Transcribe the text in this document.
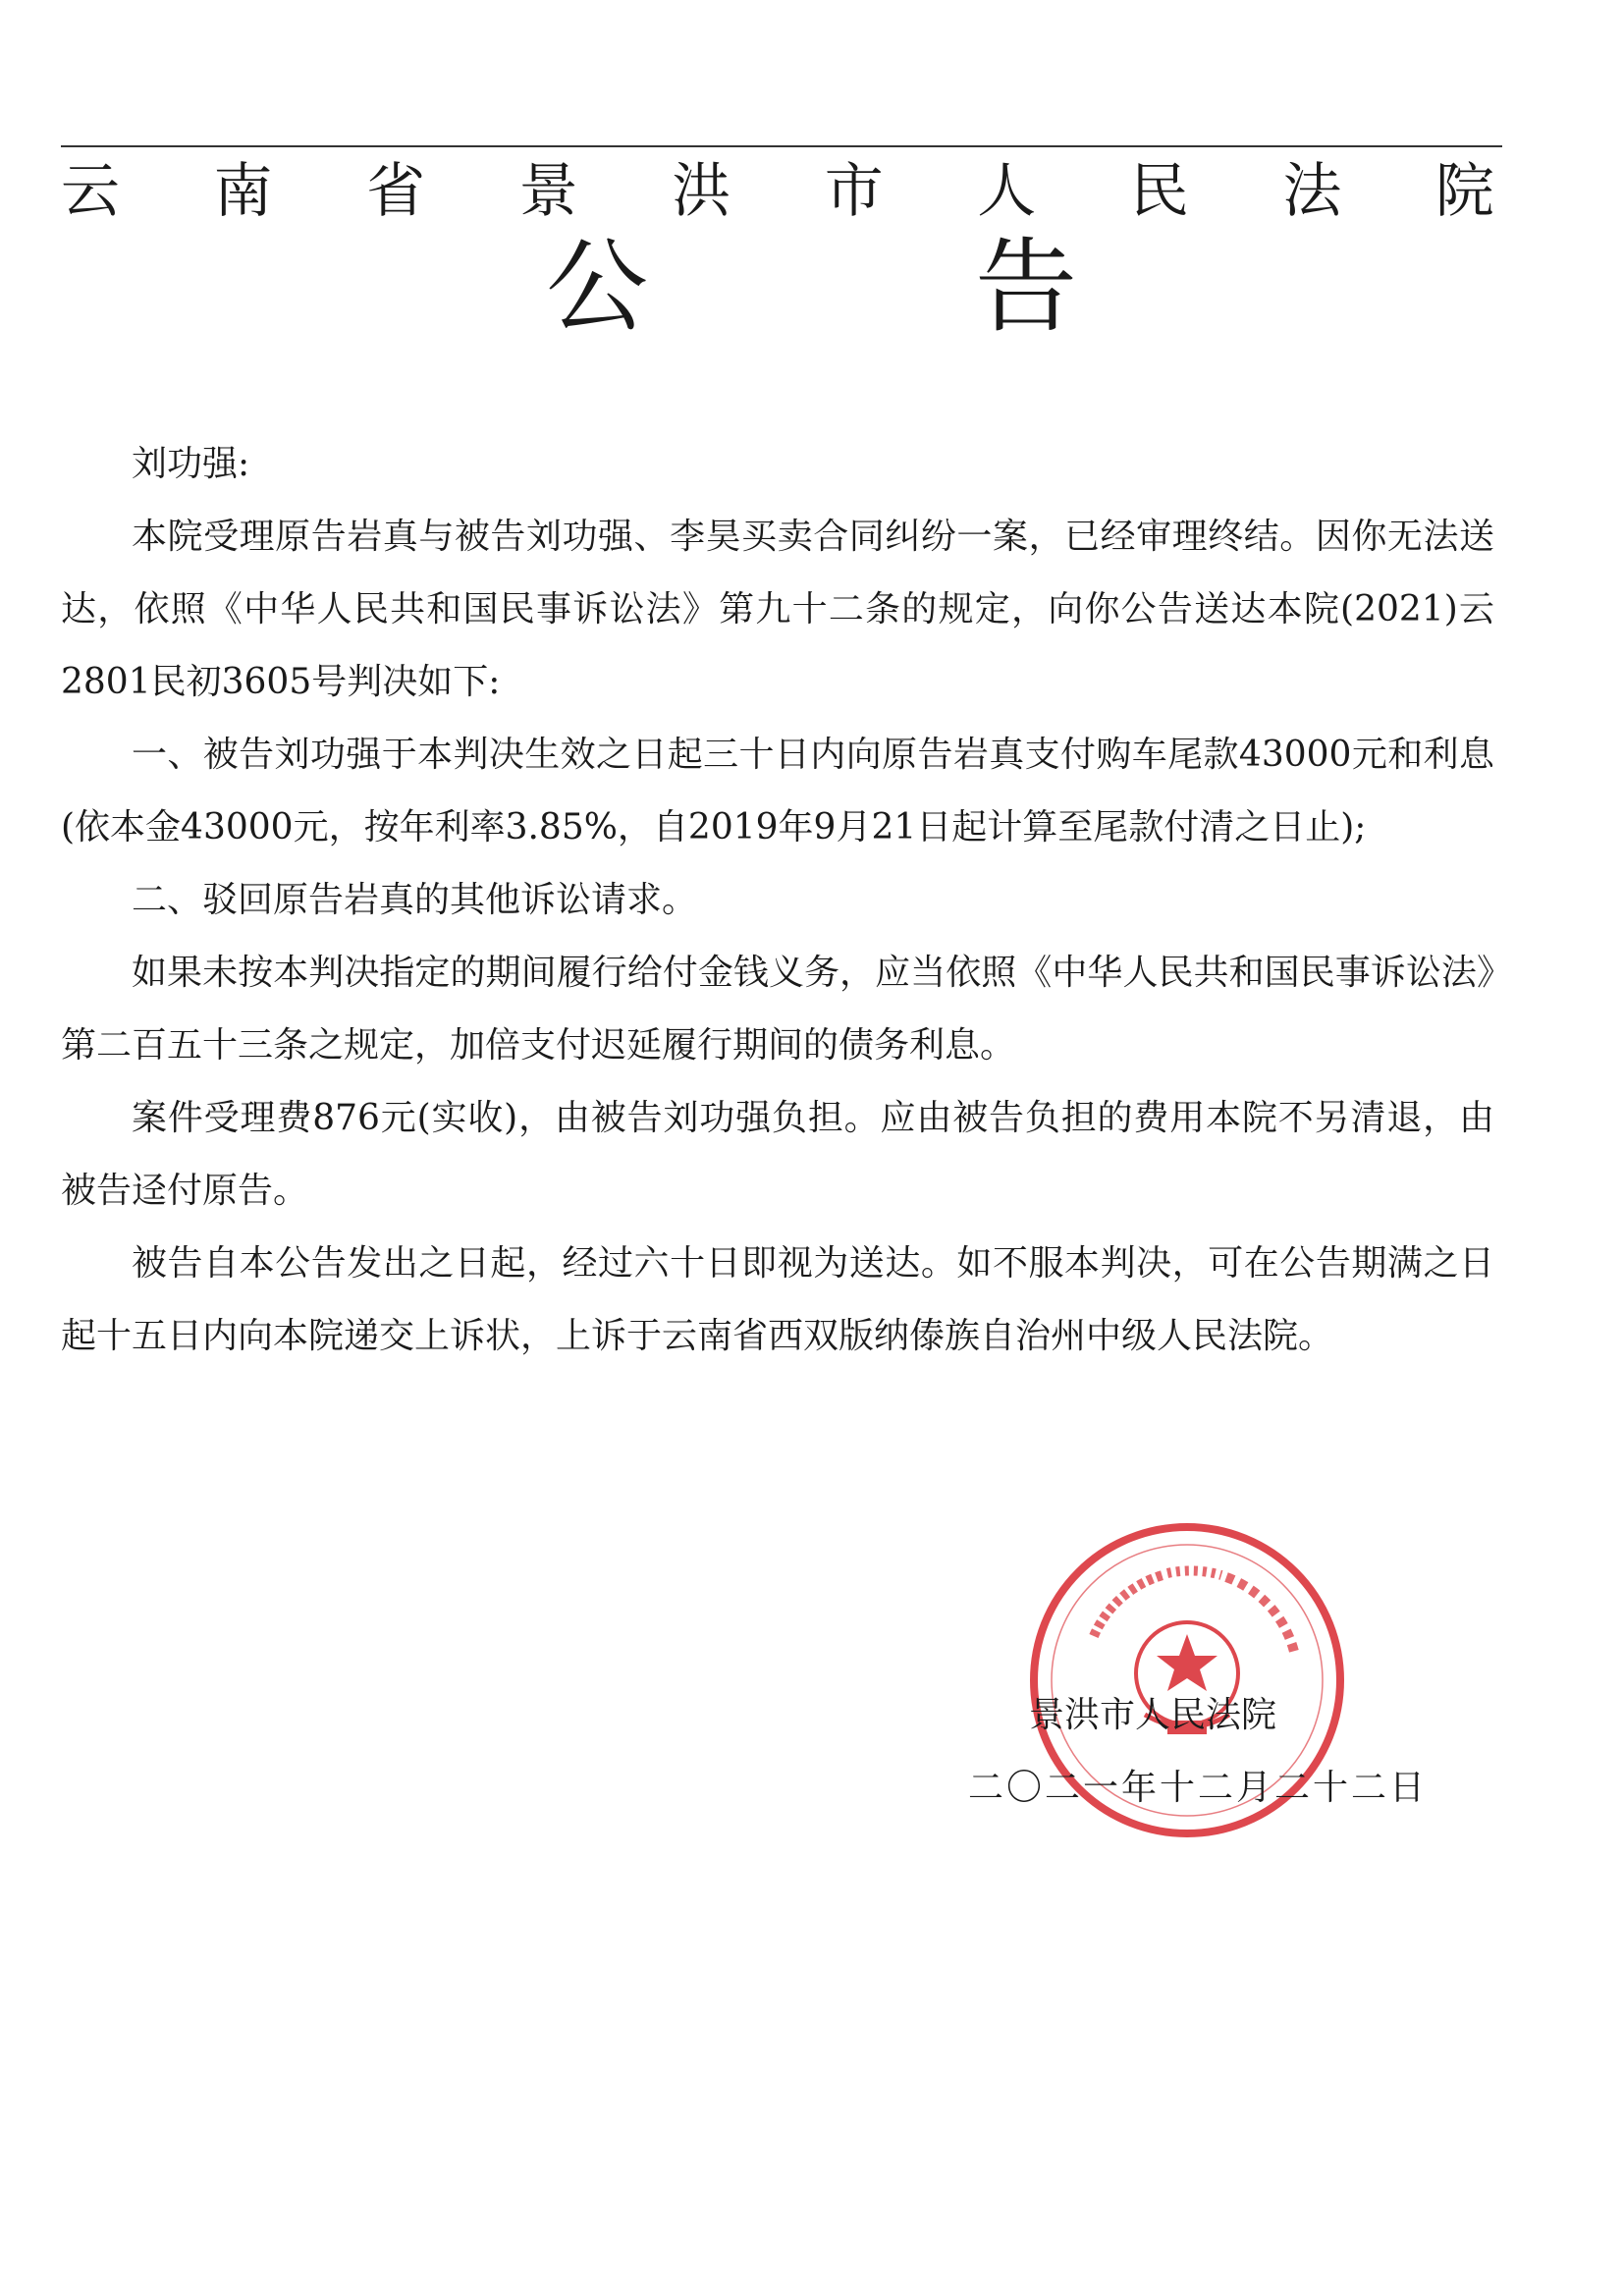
云 南 省 景 洪 市 人 民 法 院
公 告

刘功强:

本院受理原告岩真与被告刘功强、李昊买卖合同纠纷一案，已经审理终结。因你无法送达，依照《中华人民共和国民事诉讼法》第九十二条的规定，向你公告送达本院(2021)云2801民初3605号判决如下:

一、被告刘功强于本判决生效之日起三十日内向原告岩真支付购车尾款43000元和利息(依本金43000元，按年利率3.85%，自2019年9月21日起计算至尾款付清之日止);

二、驳回原告岩真的其他诉讼请求。

如果未按本判决指定的期间履行给付金钱义务，应当依照《中华人民共和国民事诉讼法》第二百五十三条之规定，加倍支付迟延履行期间的债务利息。

案件受理费876元(实收)，由被告刘功强负担。应由被告负担的费用本院不另清退，由被告迳付原告。

被告自本公告发出之日起，经过六十日即视为送达。如不服本判决，可在公告期满之日起十五日内向本院递交上诉状，上诉于云南省西双版纳傣族自治州中级人民法院。

景洪市人民法院
二〇二一年十二月二十二日
